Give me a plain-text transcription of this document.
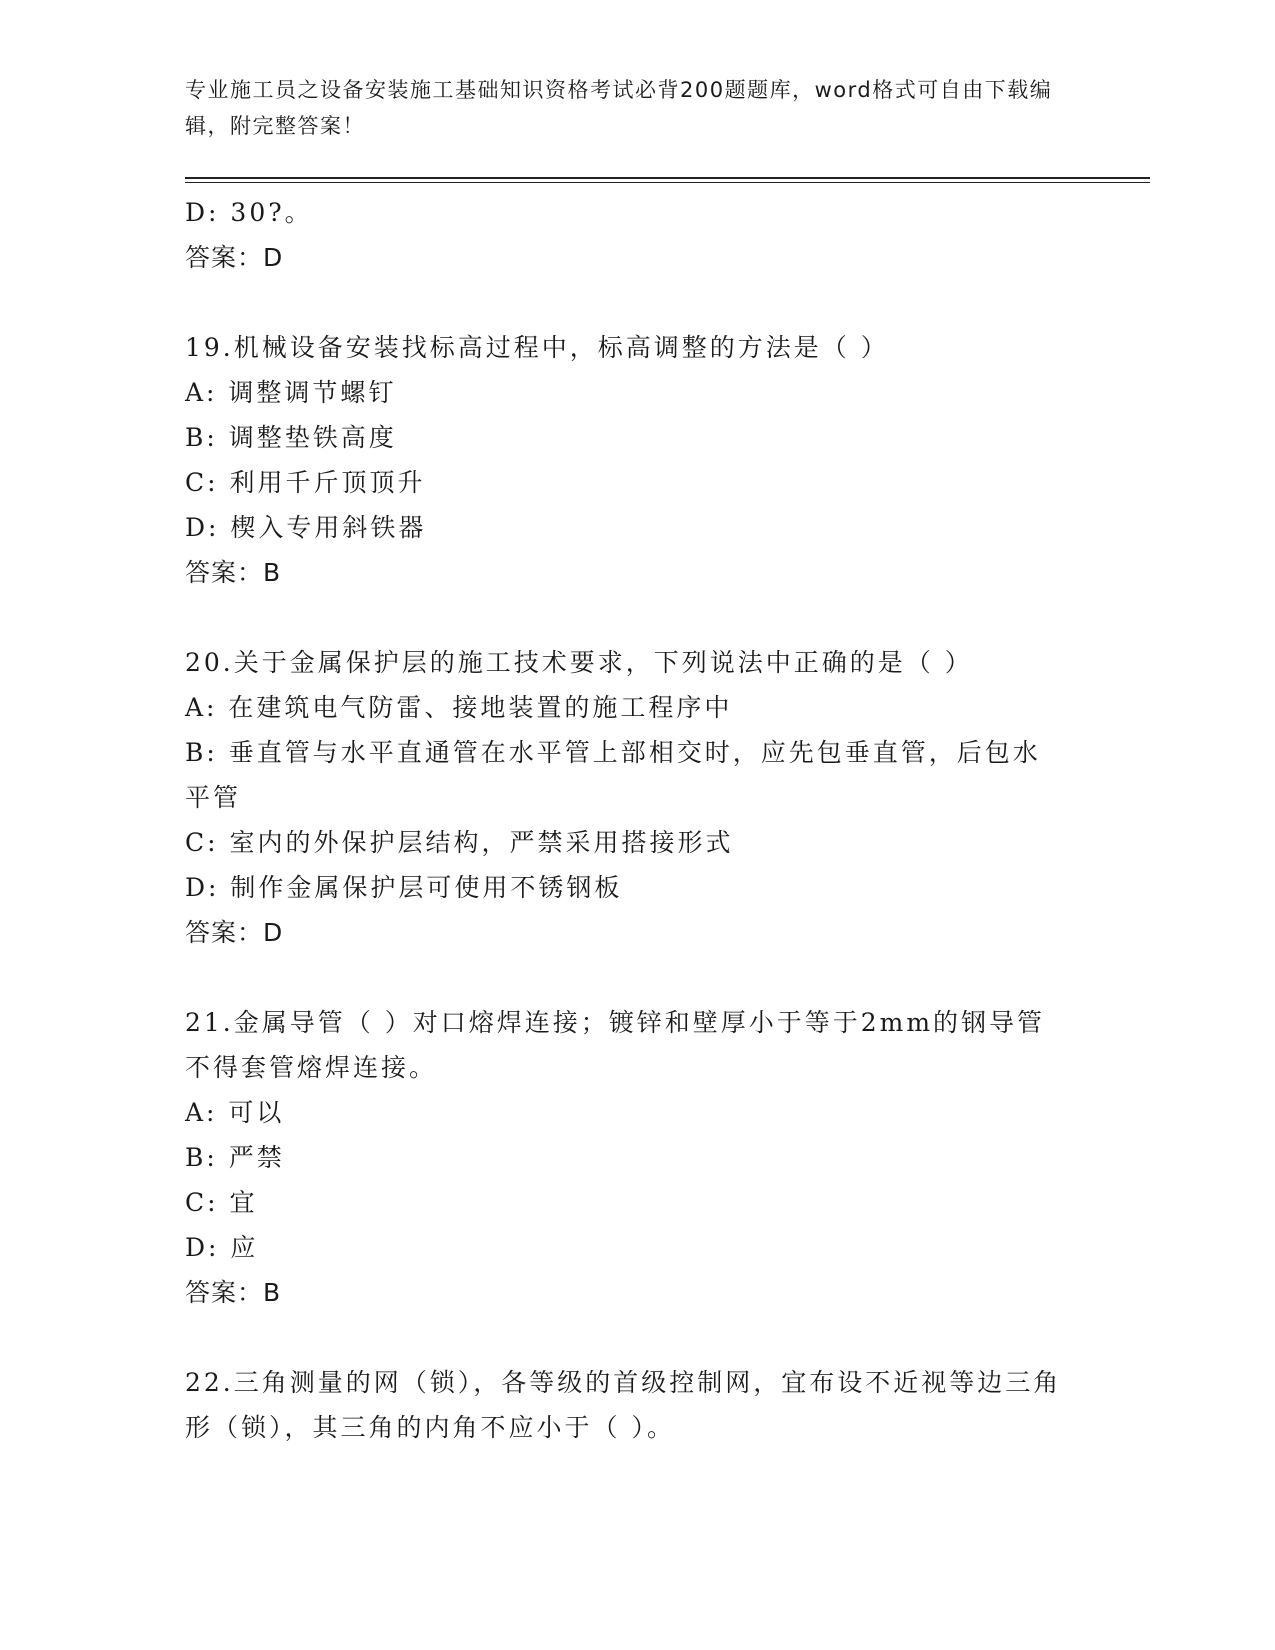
专业施工员之设备安装施工基础知识资格考试必背200题题库，word格式可自由下载编辑，附完整答案！
D: 30?。
答案：D
19.机械设备安装找标高过程中，标高调整的方法是（ ）
A: 调整调节螺钉
B: 调整垫铁高度
C: 利用千斤顶顶升
D: 楔入专用斜铁器
答案：B
20.关于金属保护层的施工技术要求，下列说法中正确的是（ ）
A: 在建筑电气防雷、接地装置的施工程序中
B: 垂直管与水平直通管在水平管上部相交时，应先包垂直管，后包水平管
C: 室内的外保护层结构，严禁采用搭接形式
D: 制作金属保护层可使用不锈钢板
答案：D
21.金属导管（ ）对口熔焊连接；镀锌和壁厚小于等于2mm的钢导管不得套管熔焊连接。
A: 可以
B: 严禁
C: 宜
D: 应
答案：B
22.三角测量的网（锁），各等级的首级控制网，宜布设不近视等边三角形（锁），其三角的内角不应小于（ ）。
